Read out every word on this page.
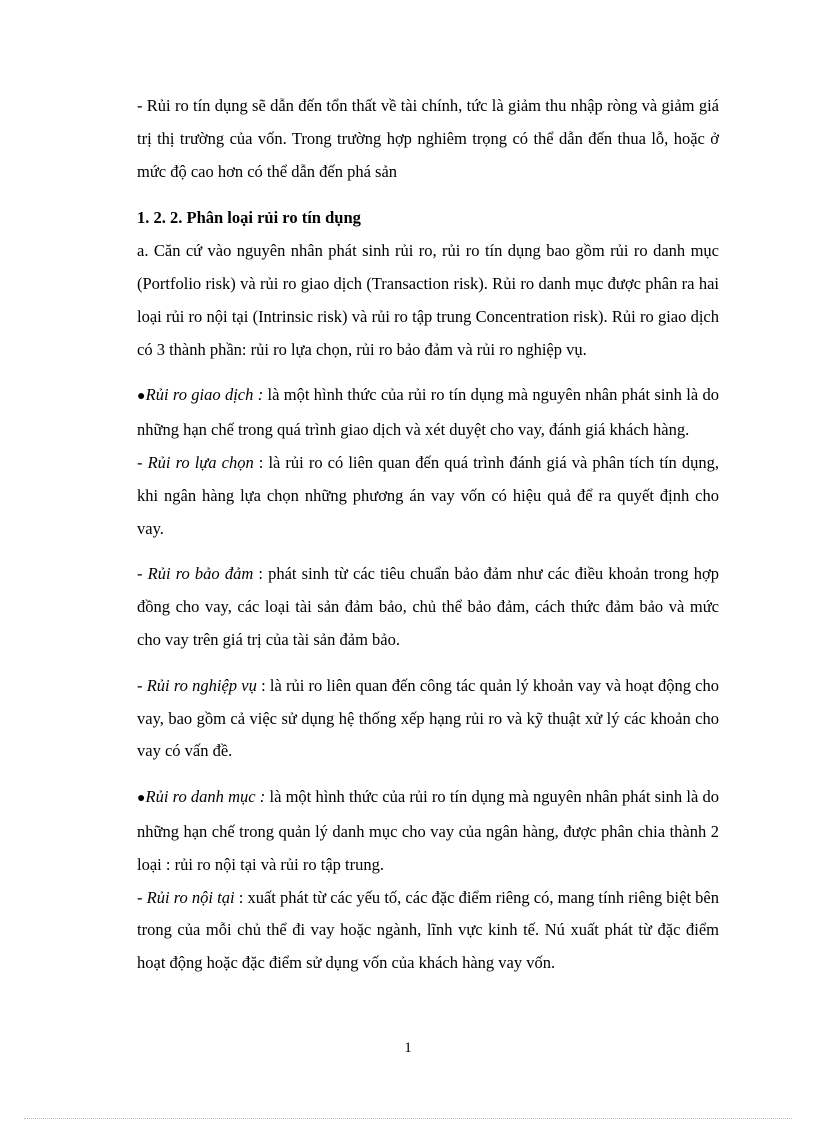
- Rủi ro tín dụng sẽ dẫn đến tổn thất về tài chính, tức là giảm thu nhập ròng và giảm giá trị thị trường của vốn. Trong trường hợp nghiêm trọng có thể dẫn đến thua lỗ, hoặc ở mức độ cao hơn có thể dẫn đến phá sản

1. 2. 2. Phân loại rủi ro tín dụng

a. Căn cứ vào nguyên nhân phát sinh rủi ro, rủi ro tín dụng bao gồm rủi ro danh mục (Portfolio risk) và rủi ro giao dịch (Transaction risk). Rủi ro danh mục được phân ra hai loại rủi ro nội tại (Intrinsic risk) và rủi ro tập trung Concentration risk). Rủi ro giao dịch có 3 thành phần: rủi ro lựa chọn, rủi ro bảo đảm và rủi ro nghiệp vụ.

●Rủi ro giao dịch : là một hình thức của rủi ro tín dụng mà nguyên nhân phát sinh là do những hạn chế trong quá trình giao dịch và xét duyệt cho vay, đánh giá khách hàng.

- Rủi ro lựa chọn : là rủi ro có liên quan đến quá trình đánh giá và phân tích tín dụng, khi ngân hàng lựa chọn những phương án vay vốn có hiệu quả để ra quyết định cho vay.

- Rủi ro bảo đảm : phát sinh từ các tiêu chuẩn bảo đảm như các điều khoản trong hợp đồng cho vay, các loại tài sản đảm bảo, chủ thể bảo đảm, cách thức đảm bảo và mức cho vay trên giá trị của tài sản đảm bảo.

- Rủi ro nghiệp vụ : là rủi ro liên quan đến công tác quản lý khoản vay và hoạt động cho vay, bao gồm cả việc sử dụng hệ thống xếp hạng rủi ro và kỹ thuật xử lý các khoản cho vay có vấn đề.

●Rủi ro danh mục : là một hình thức của rủi ro tín dụng mà nguyên nhân phát sinh là do những hạn chế trong quản lý danh mục cho vay của ngân hàng, được phân chia thành 2 loại : rủi ro nội tại và rủi ro tập trung.

- Rủi ro nội tại : xuất phát từ các yếu tố, các đặc điểm riêng có, mang tính riêng biệt bên trong của mỗi chủ thể đi vay hoặc ngành, lĩnh vực kinh tế. Nú xuất phát từ đặc điểm hoạt động hoặc đặc điểm sử dụng vốn của khách hàng vay vốn.

1
